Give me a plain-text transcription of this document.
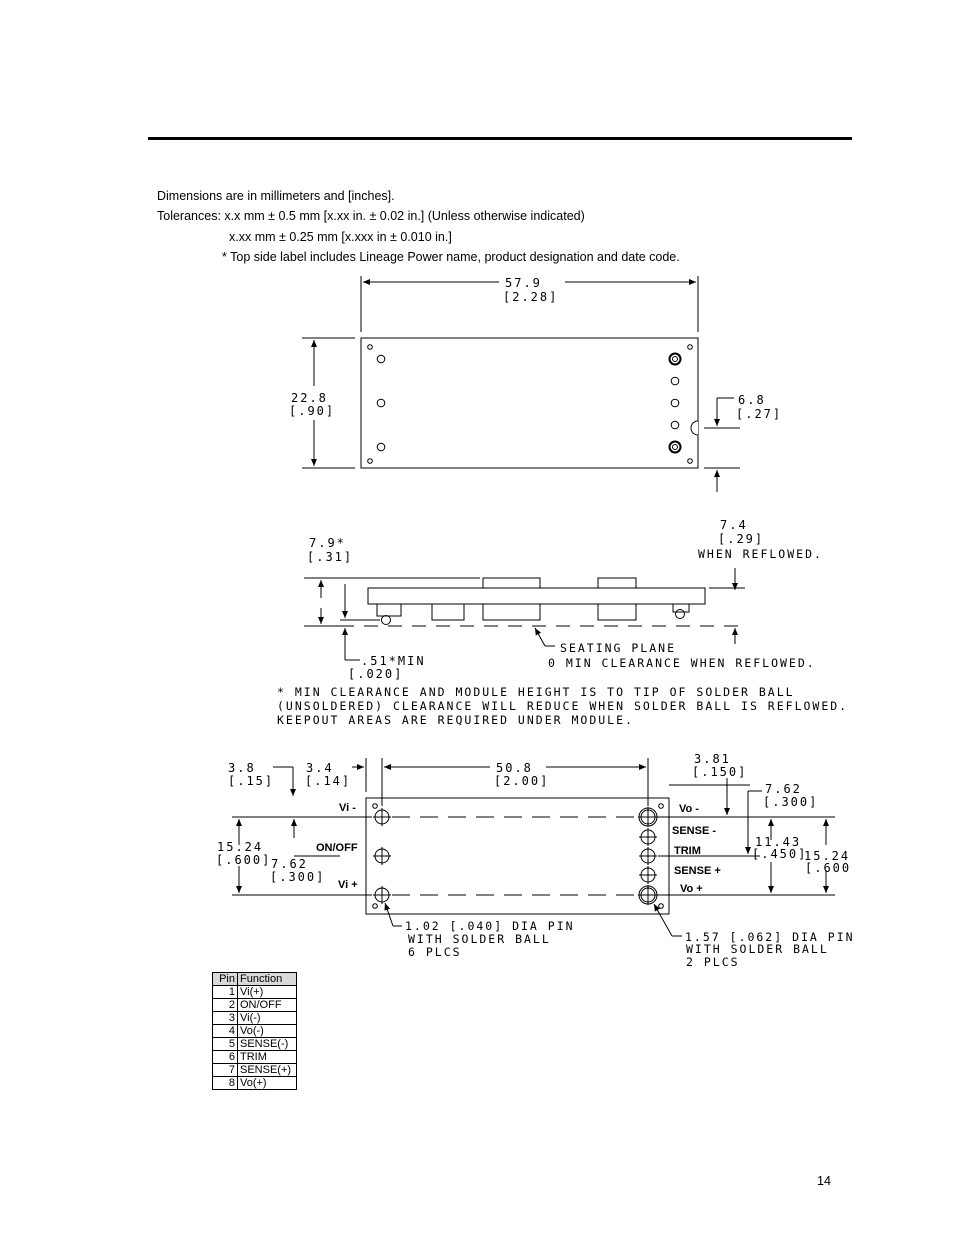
Dimensions are in millimeters and [inches].
Tolerances: x.x mm ± 0.5 mm [x.xx in. ± 0.02 in.] (Unless otherwise indicated)
x.xx mm ± 0.25 mm [x.xxx in ± 0.010 in.]
* Top side label includes Lineage Power name, product designation and date code.
57.9
[2.28]
22.8
[.90]
6.8
[.27]
7.9*
[.31]
7.4
[.29]
WHEN REFLOWED.
.51*MIN
[.020]
SEATING PLANE
0 MIN CLEARANCE WHEN REFLOWED.
* MIN CLEARANCE AND MODULE HEIGHT IS TO TIP OF SOLDER BALL
(UNSOLDERED) CLEARANCE WILL REDUCE WHEN SOLDER BALL IS REFLOWED.
KEEPOUT AREAS ARE REQUIRED UNDER MODULE.
3.8
[.15]
3.4
[.14]
50.8
[2.00]
3.81
[.150]
7.62
[.300]
15.24
[.600] 7.62
[.300]
11.43
[.450]
15.24
[.600
Vi -
ON/OFF
Vi +
Vo -
SENSE -
TRIM
SENSE +
Vo +
1.02 [.040] DIA PIN
WITH SOLDER BALL
6 PLCS
1.57 [.062] DIA PIN
WITH SOLDER BALL
2 PLCS
Pin	Function
1	Vi(+)
2	ON/OFF
3	Vi(-)
4	Vo(-)
5	SENSE(-)
6	TRIM
7	SENSE(+)
8	Vo(+)
14
